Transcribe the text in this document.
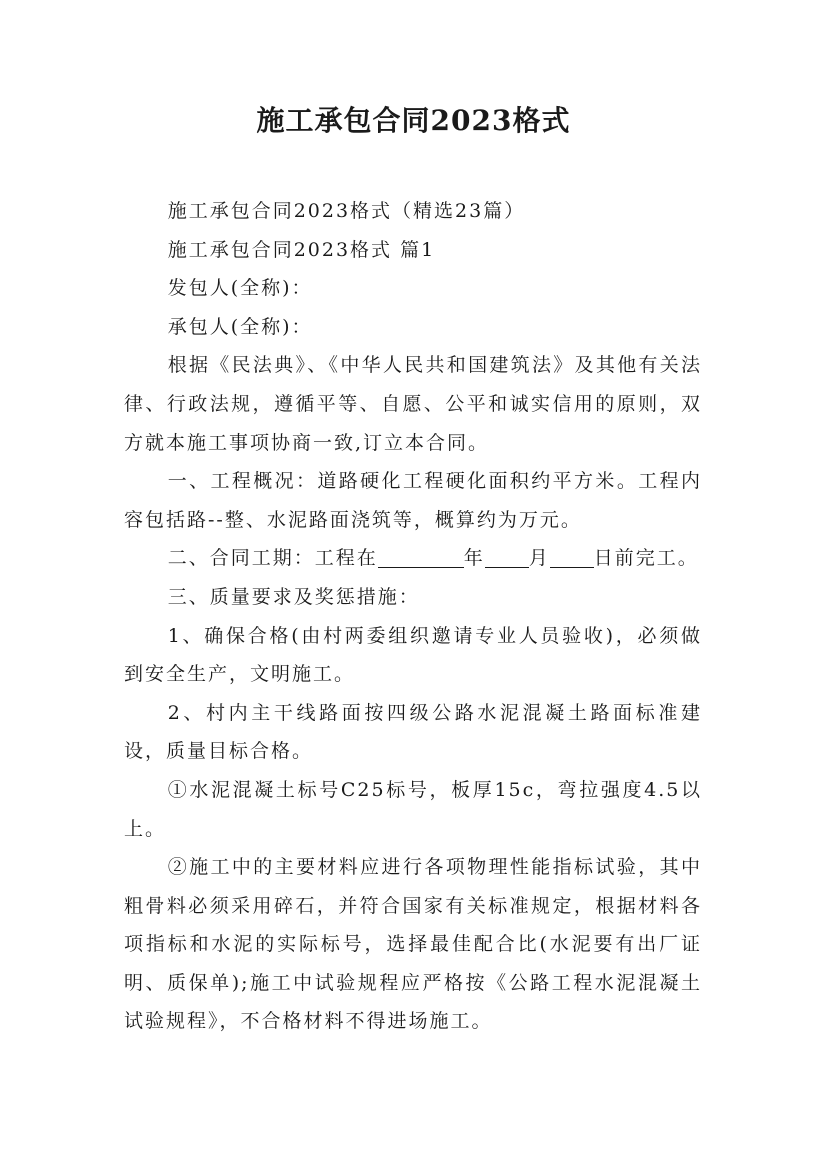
施工承包合同2023格式

施工承包合同2023格式（精选23篇）

施工承包合同2023格式 篇1

发包人(全称)：

承包人(全称)：

根据《民法典》、《中华人民共和国建筑法》及其他有关法律、行政法规，遵循平等、自愿、公平和诚实信用的原则，双方就本施工事项协商一致,订立本合同。

一、工程概况：道路硬化工程硬化面积约平方米。工程内容包括路--整、水泥路面浇筑等，概算约为万元。

二、合同工期：工程在	年 月 日前完工。

三、质量要求及奖惩措施：

1、确保合格(由村两委组织邀请专业人员验收)，必须做到安全生产，文明施工。

2、村内主干线路面按四级公路水泥混凝土路面标准建设，质量目标合格。

①水泥混凝土标号C25标号，板厚15c，弯拉强度4.5以上。

②施工中的主要材料应进行各项物理性能指标试验，其中粗骨料必须采用碎石，并符合国家有关标准规定，根据材料各项指标和水泥的实际标号，选择最佳配合比(水泥要有出厂证明、质保单);施工中试验规程应严格按《公路工程水泥混凝土试验规程》，不合格材料不得进场施工。
